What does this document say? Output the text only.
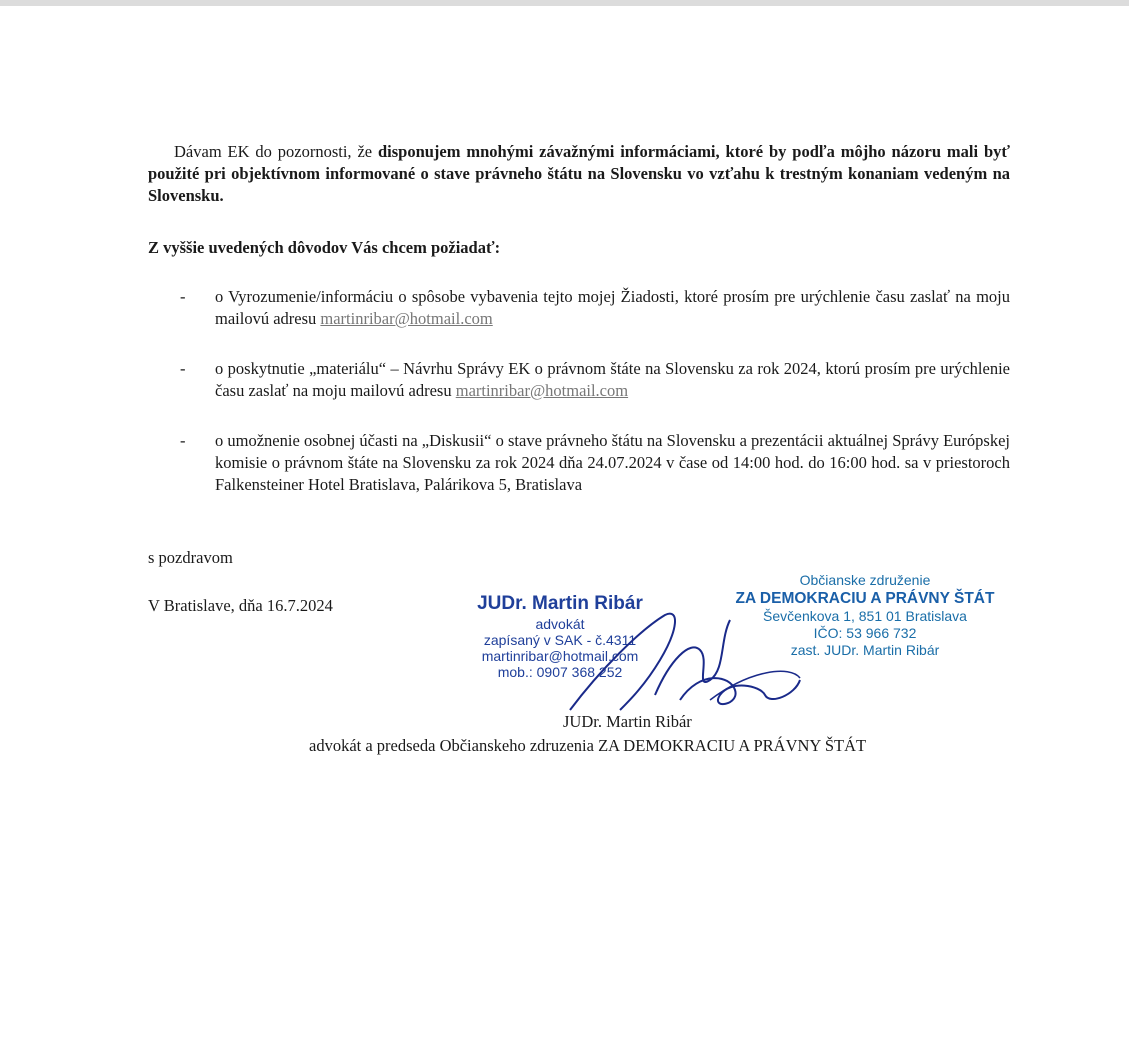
Dávam EK do pozornosti, že disponujem mnohými závažnými informáciami, ktoré by podľa môjho názoru mali byť použité pri objektívnom informované o stave právneho štátu na Slovensku vo vzťahu k trestným konaniam vedeným na Slovensku.
Z vyššie uvedených dôvodov Vás chcem požiadať:
-	o Vyrozumenie/informáciu o spôsobe vybavenia tejto mojej Žiadosti, ktoré prosím pre urýchlenie času zaslať na moju mailovú adresu martinribar@hotmail.com
-	o poskytnutie „materiálu“ – Návrhu Správy EK o právnom štáte na Slovensku za rok 2024, ktorú prosím pre urýchlenie času zaslať na moju mailovú adresu martinribar@hotmail.com
-	o umožnenie osobnej účasti na „Diskusii“ o stave právneho štátu na Slovensku a prezentácii aktuálnej Správy Európskej komisie o právnom štáte na Slovensku za rok 2024 dňa 24.07.2024 v čase od 14:00 hod. do 16:00 hod. sa v priestoroch Falkensteiner Hotel Bratislava, Palárikova 5, Bratislava
s pozdravom
V Bratislave, dňa 16.7.2024	JUDr. Martin Ribár
advokát
zapísaný v SAK - č.4311
martinribar@hotmail.com
mob.: 0907 368 252
Občianske združenie
ZA DEMOKRACIU A PRÁVNY ŠTÁT
Ševčenkova 1, 851 01 Bratislava
IČO: 53 966 732
zast. JUDr. Martin Ribár
JUDr. Martin Ribár
advokát a predseda Občianskeho zdruzenia ZA DEMOKRACIU A PRÁVNY ŠTÁT
